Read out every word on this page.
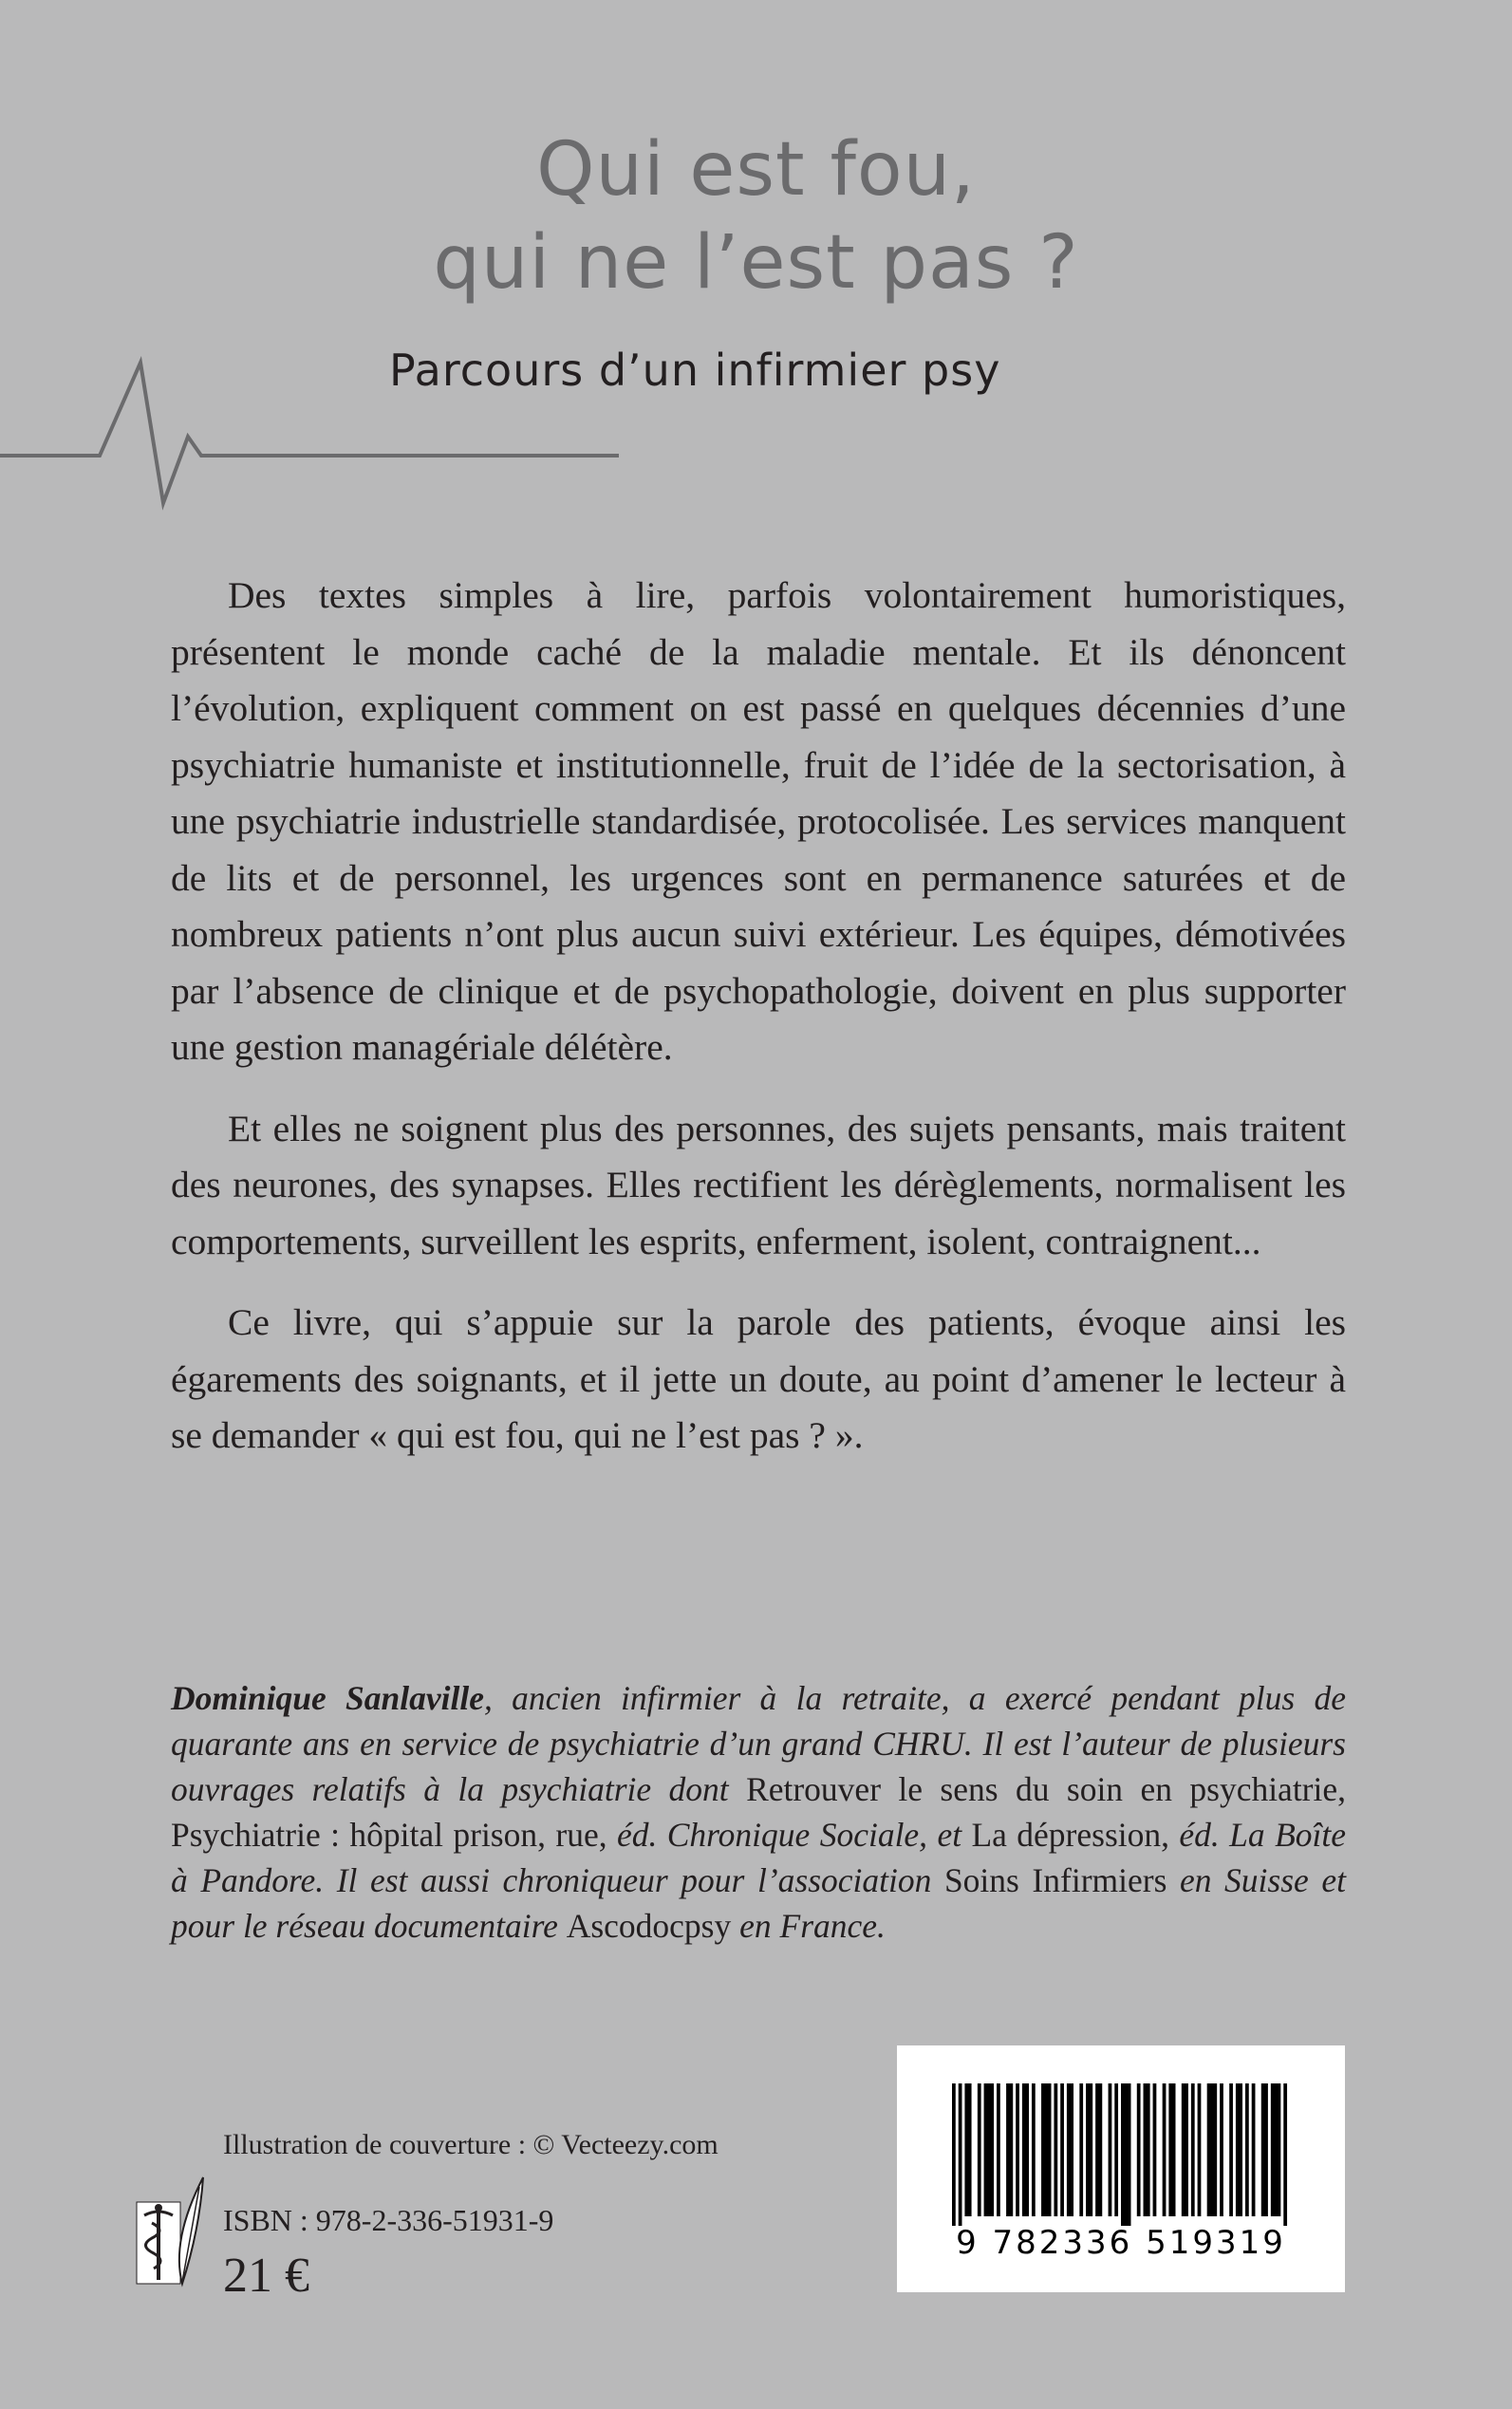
Qui est fou,
qui ne l’est pas ?
Parcours d’un infirmier psy

Des textes simples à lire, parfois volontairement humoristiques, présentent le monde caché de la maladie mentale. Et ils dénoncent l’évolution, expliquent comment on est passé en quelques décennies d’une psychiatrie humaniste et institutionnelle, fruit de l’idée de la sectorisation, à une psychiatrie industrielle standardisée, protocolisée. Les services manquent de lits et de personnel, les urgences sont en permanence saturées et de nombreux patients n’ont plus aucun suivi extérieur. Les équipes, démotivées par l’absence de clinique et de psychopathologie, doivent en plus supporter une gestion managériale délétère.

Et elles ne soignent plus des personnes, des sujets pensants, mais traitent des neurones, des synapses. Elles rectifient les dérèglements, normalisent les comportements, surveillent les esprits, enferment, isolent, contraignent...

Ce livre, qui s’appuie sur la parole des patients, évoque ainsi les égarements des soignants, et il jette un doute, au point d’amener le lecteur à se demander « qui est fou, qui ne l’est pas ? ».

Dominique Sanlaville, ancien infirmier à la retraite, a exercé pendant plus de quarante ans en service de psychiatrie d’un grand CHRU. Il est l’auteur de plusieurs ouvrages relatifs à la psychiatrie dont Retrouver le sens du soin en psychiatrie, Psychiatrie : hôpital prison, rue, éd. Chronique Sociale, et La dépression, éd. La Boîte à Pandore. Il est aussi chroniqueur pour l’association Soins Infirmiers en Suisse et pour le réseau documentaire Ascodocpsy en France.

Illustration de couverture : © Vecteezy.com
ISBN : 978-2-336-51931-9
21 €
9 782336 519319
